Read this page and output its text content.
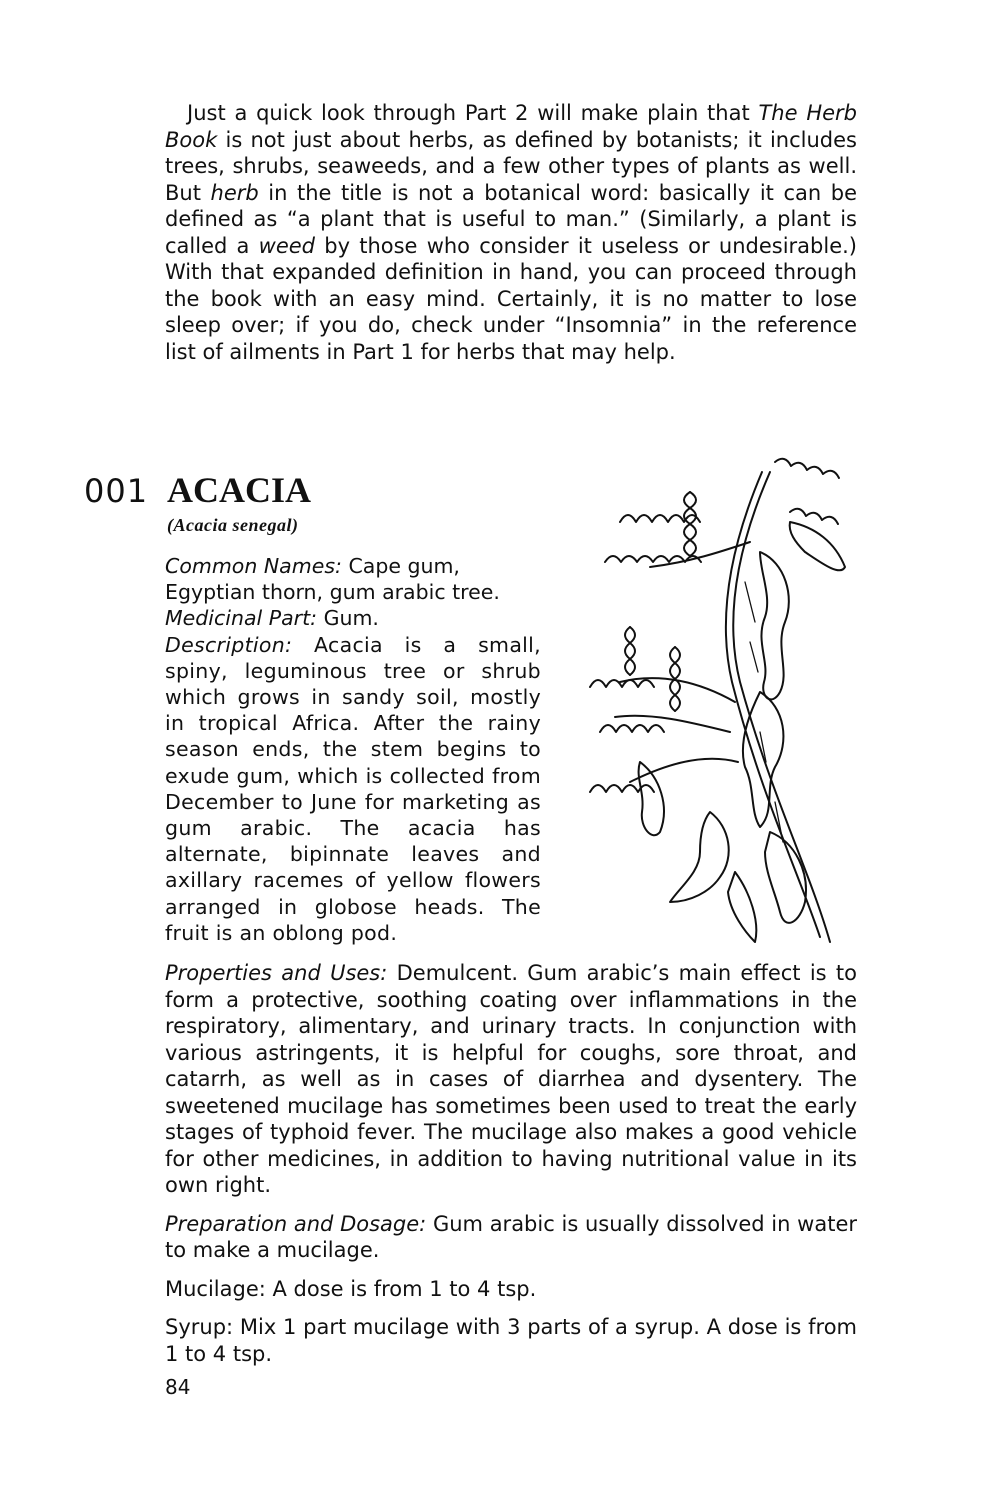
Just a quick look through Part 2 will make plain that The Herb Book is not just about herbs, as defined by botanists; it includes trees, shrubs, seaweeds, and a few other types of plants as well. But herb in the title is not a botanical word: basically it can be defined as “a plant that is useful to man.” (Similarly, a plant is called a weed by those who consider it useless or undesirable.) With that expanded definition in hand, you can proceed through the book with an easy mind. Certainly, it is no matter to lose sleep over; if you do, check under “Insomnia” in the reference list of ailments in Part 1 for herbs that may help.

001 ACACIA
(Acacia senegal)

Common Names: Cape gum, Egyptian thorn, gum arabic tree.

Medicinal Part: Gum.

Description: Acacia is a small, spiny, leguminous tree or shrub which grows in sandy soil, mostly in tropical Africa. After the rainy season ends, the stem begins to exude gum, which is collected from December to June for marketing as gum arabic. The acacia has alternate, bipinnate leaves and axillary racemes of yellow flowers arranged in globose heads. The fruit is an oblong pod.

Properties and Uses: Demulcent. Gum arabic’s main effect is to form a protective, soothing coating over inflammations in the respiratory, alimentary, and urinary tracts. In conjunction with various astringents, it is helpful for coughs, sore throat, and catarrh, as well as in cases of diarrhea and dysentery. The sweetened mucilage has sometimes been used to treat the early stages of typhoid fever. The mucilage also makes a good vehicle for other medicines, in addition to having nutritional value in its own right.

Preparation and Dosage: Gum arabic is usually dissolved in water to make a mucilage.

Mucilage: A dose is from 1 to 4 tsp.

Syrup: Mix 1 part mucilage with 3 parts of a syrup. A dose is from 1 to 4 tsp.

84
